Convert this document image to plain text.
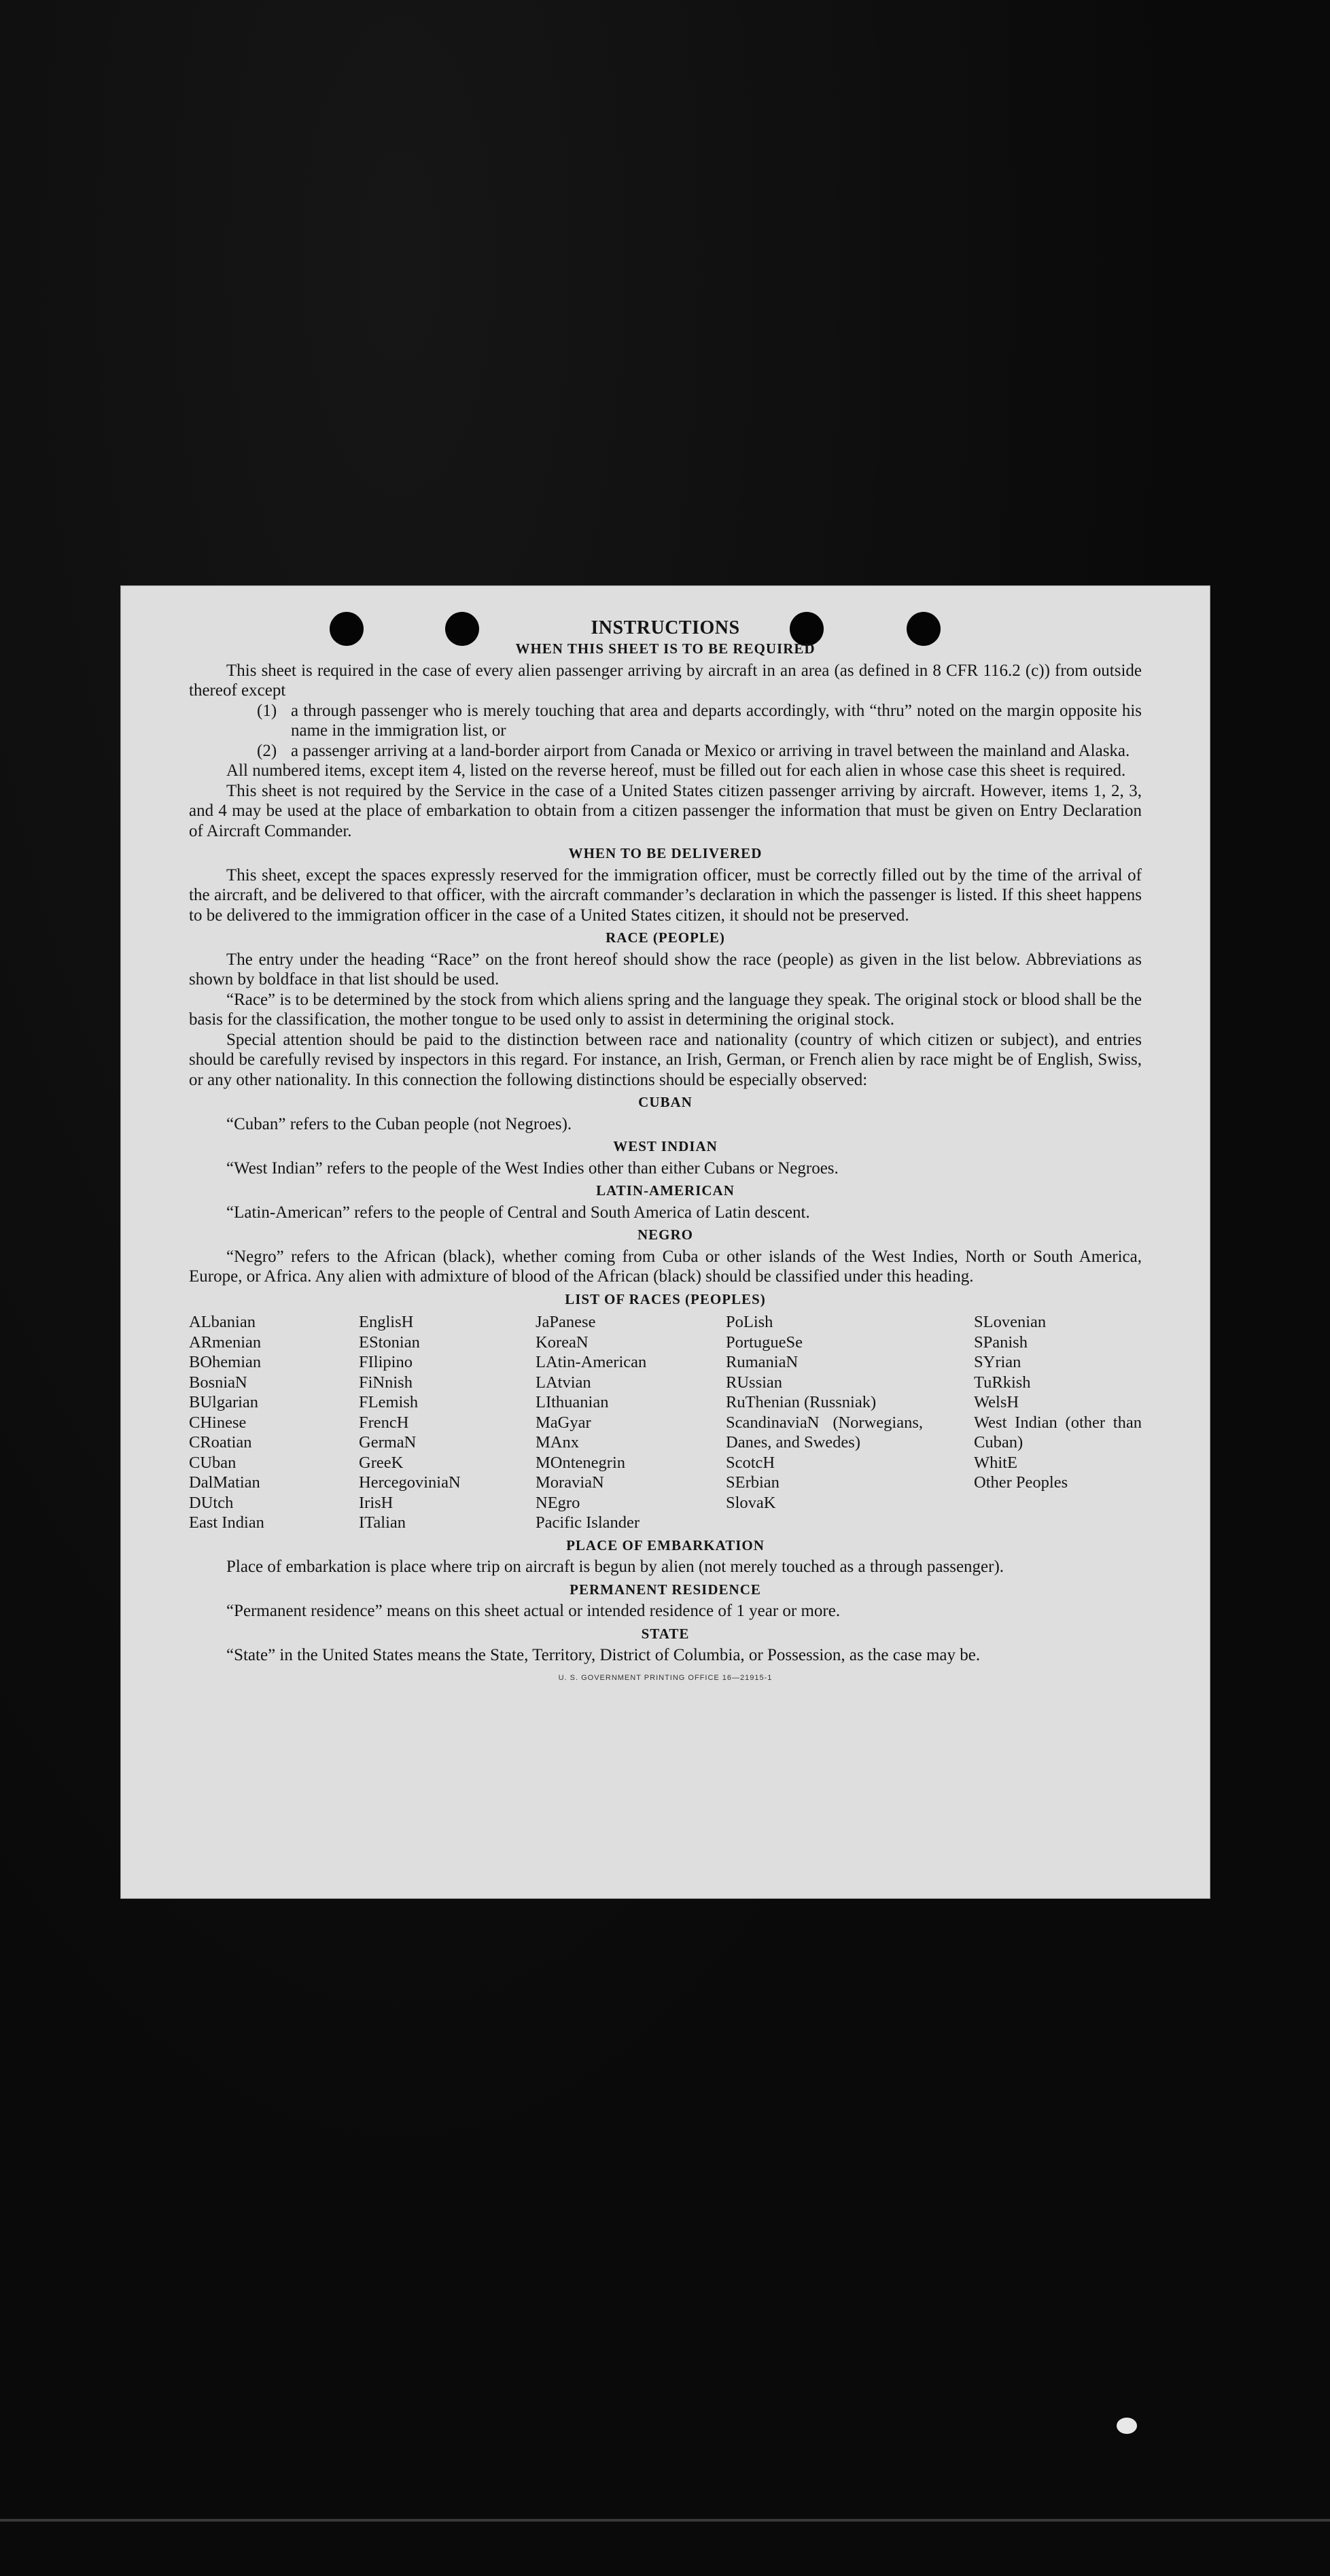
INSTRUCTIONS
WHEN THIS SHEET IS TO BE REQUIRED

This sheet is required in the case of every alien passenger arriving by aircraft in an area (as defined in 8 CFR 116.2 (c)) from outside thereof except

(1) a through passenger who is merely touching that area and departs accordingly, with “thru” noted on the margin opposite his name in the immigration list, or
(2) a passenger arriving at a land-border airport from Canada or Mexico or arriving in travel between the mainland and Alaska.

All numbered items, except item 4, listed on the reverse hereof, must be filled out for each alien in whose case this sheet is required.

This sheet is not required by the Service in the case of a United States citizen passenger arriving by aircraft. However, items 1, 2, 3, and 4 may be used at the place of embarkation to obtain from a citizen passenger the information that must be given on Entry Declaration of Aircraft Commander.

WHEN TO BE DELIVERED

This sheet, except the spaces expressly reserved for the immigration officer, must be correctly filled out by the time of the arrival of the aircraft, and be delivered to that officer, with the aircraft commander’s declaration in which the passenger is listed. If this sheet happens to be delivered to the immigration officer in the case of a United States citizen, it should not be preserved.

RACE (PEOPLE)

The entry under the heading “Race” on the front hereof should show the race (people) as given in the list below. Abbreviations as shown by boldface in that list should be used.

“Race” is to be determined by the stock from which aliens spring and the language they speak. The original stock or blood shall be the basis for the classification, the mother tongue to be used only to assist in determining the original stock.

Special attention should be paid to the distinction between race and nationality (country of which citizen or subject), and entries should be carefully revised by inspectors in this regard. For instance, an Irish, German, or French alien by race might be of English, Swiss, or any other nationality. In this connection the following distinctions should be especially observed:

CUBAN

“Cuban” refers to the Cuban people (not Negroes).

WEST INDIAN

“West Indian” refers to the people of the West Indies other than either Cubans or Negroes.

LATIN-AMERICAN

“Latin-American” refers to the people of Central and South America of Latin descent.

NEGRO

“Negro” refers to the African (black), whether coming from Cuba or other islands of the West Indies, North or South America, Europe, or Africa. Any alien with admixture of blood of the African (black) should be classified under this heading.

LIST OF RACES (PEOPLES)
ALbanian
ARmenian
BOhemian
BosniaN
BUlgarian
CHinese
CRoatian
CUban
DalMatian
DUtch
East Indian
EnglisH
EStonian
FIlipino
FiNnish
FLemish
FrencH
GermaN
GreeK
HercegoviniaN
IrisH
ITalian
JaPanese
KoreaN
LAtin-American
LAtvian
LIthuanian
MaGyar
MAnx
MOntenegrin
MoraviaN
NEgro
Pacific Islander
PoLish
PortugueSe
RumaniaN
RUssian
RuThenian (Russniak)
ScandinaviaN (Norwegians, Danes, and Swedes)
ScotcH
SErbian
SlovaK
SLovenian
SPanish
SYrian
TuRkish
WelsH
West Indian (other than Cuban)
WhitE
Other Peoples
PLACE OF EMBARKATION

Place of embarkation is place where trip on aircraft is begun by alien (not merely touched as a through passenger).

PERMANENT RESIDENCE

“Permanent residence” means on this sheet actual or intended residence of 1 year or more.

STATE

“State” in the United States means the State, Territory, District of Columbia, or Possession, as the case may be.

U. S. GOVERNMENT PRINTING OFFICE 16—21915-1
